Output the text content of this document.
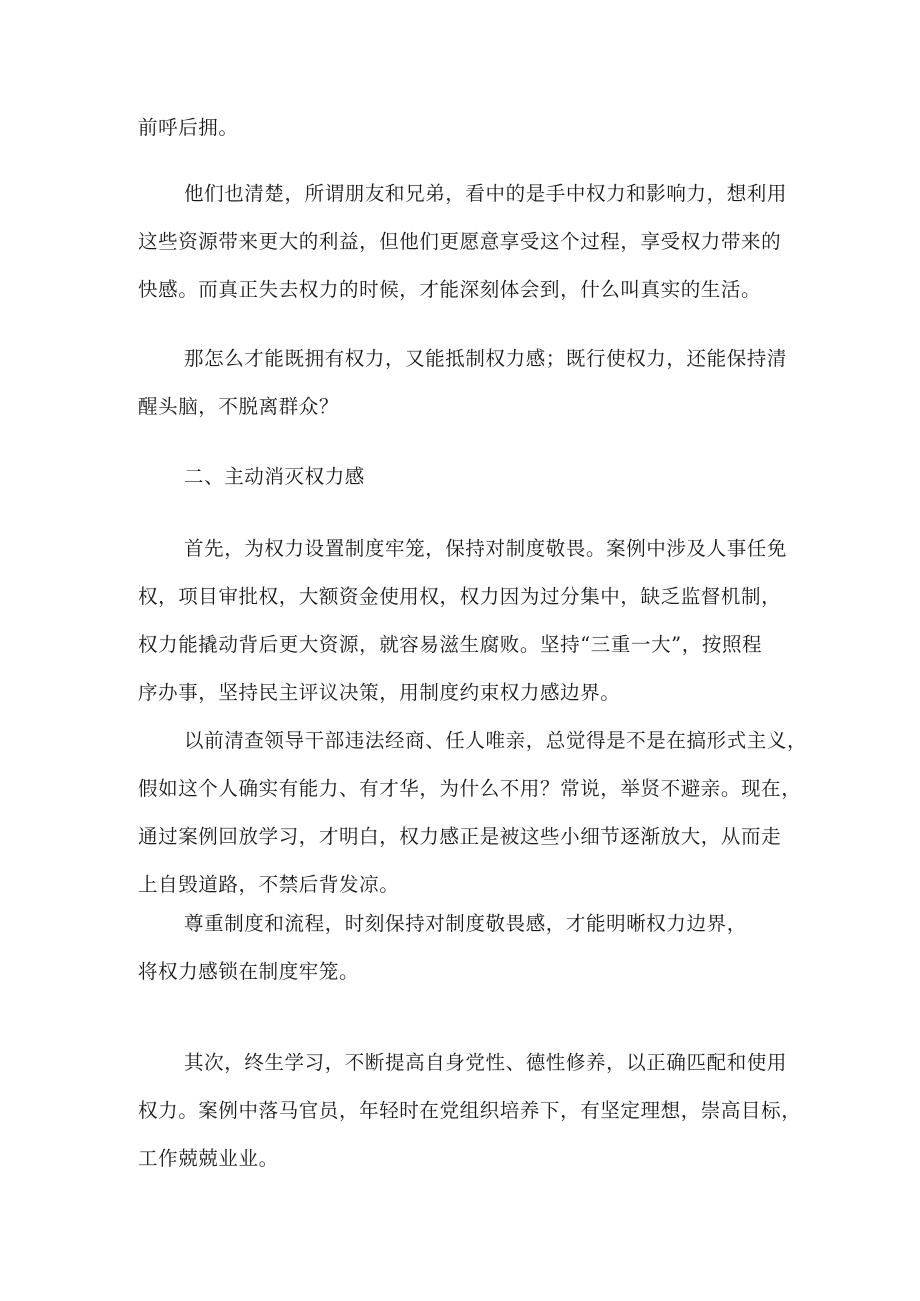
前呼后拥。

他们也清楚，所谓朋友和兄弟，看中的是手中权力和影响力，想利用
这些资源带来更大的利益，但他们更愿意享受这个过程，享受权力带来的
快感。而真正失去权力的时候，才能深刻体会到，什么叫真实的生活。

那怎么才能既拥有权力，又能抵制权力感；既行使权力，还能保持清
醒头脑，不脱离群众？

二、主动消灭权力感

首先，为权力设置制度牢笼，保持对制度敬畏。案例中涉及人事任免
权，项目审批权，大额资金使用权，权力因为过分集中，缺乏监督机制，
权力能撬动背后更大资源，就容易滋生腐败。坚持“三重一大”，按照程
序办事，坚持民主评议决策，用制度约束权力感边界。

以前清查领导干部违法经商、任人唯亲，总觉得是不是在搞形式主义，
假如这个人确实有能力、有才华，为什么不用？常说，举贤不避亲。现在，
通过案例回放学习，才明白，权力感正是被这些小细节逐渐放大，从而走
上自毁道路，不禁后背发凉。

尊重制度和流程，时刻保持对制度敬畏感，才能明晰权力边界，
将权力感锁在制度牢笼。

其次，终生学习，不断提高自身党性、德性修养，以正确匹配和使用
权力。案例中落马官员，年轻时在党组织培养下，有坚定理想，崇高目标，
工作兢兢业业。
